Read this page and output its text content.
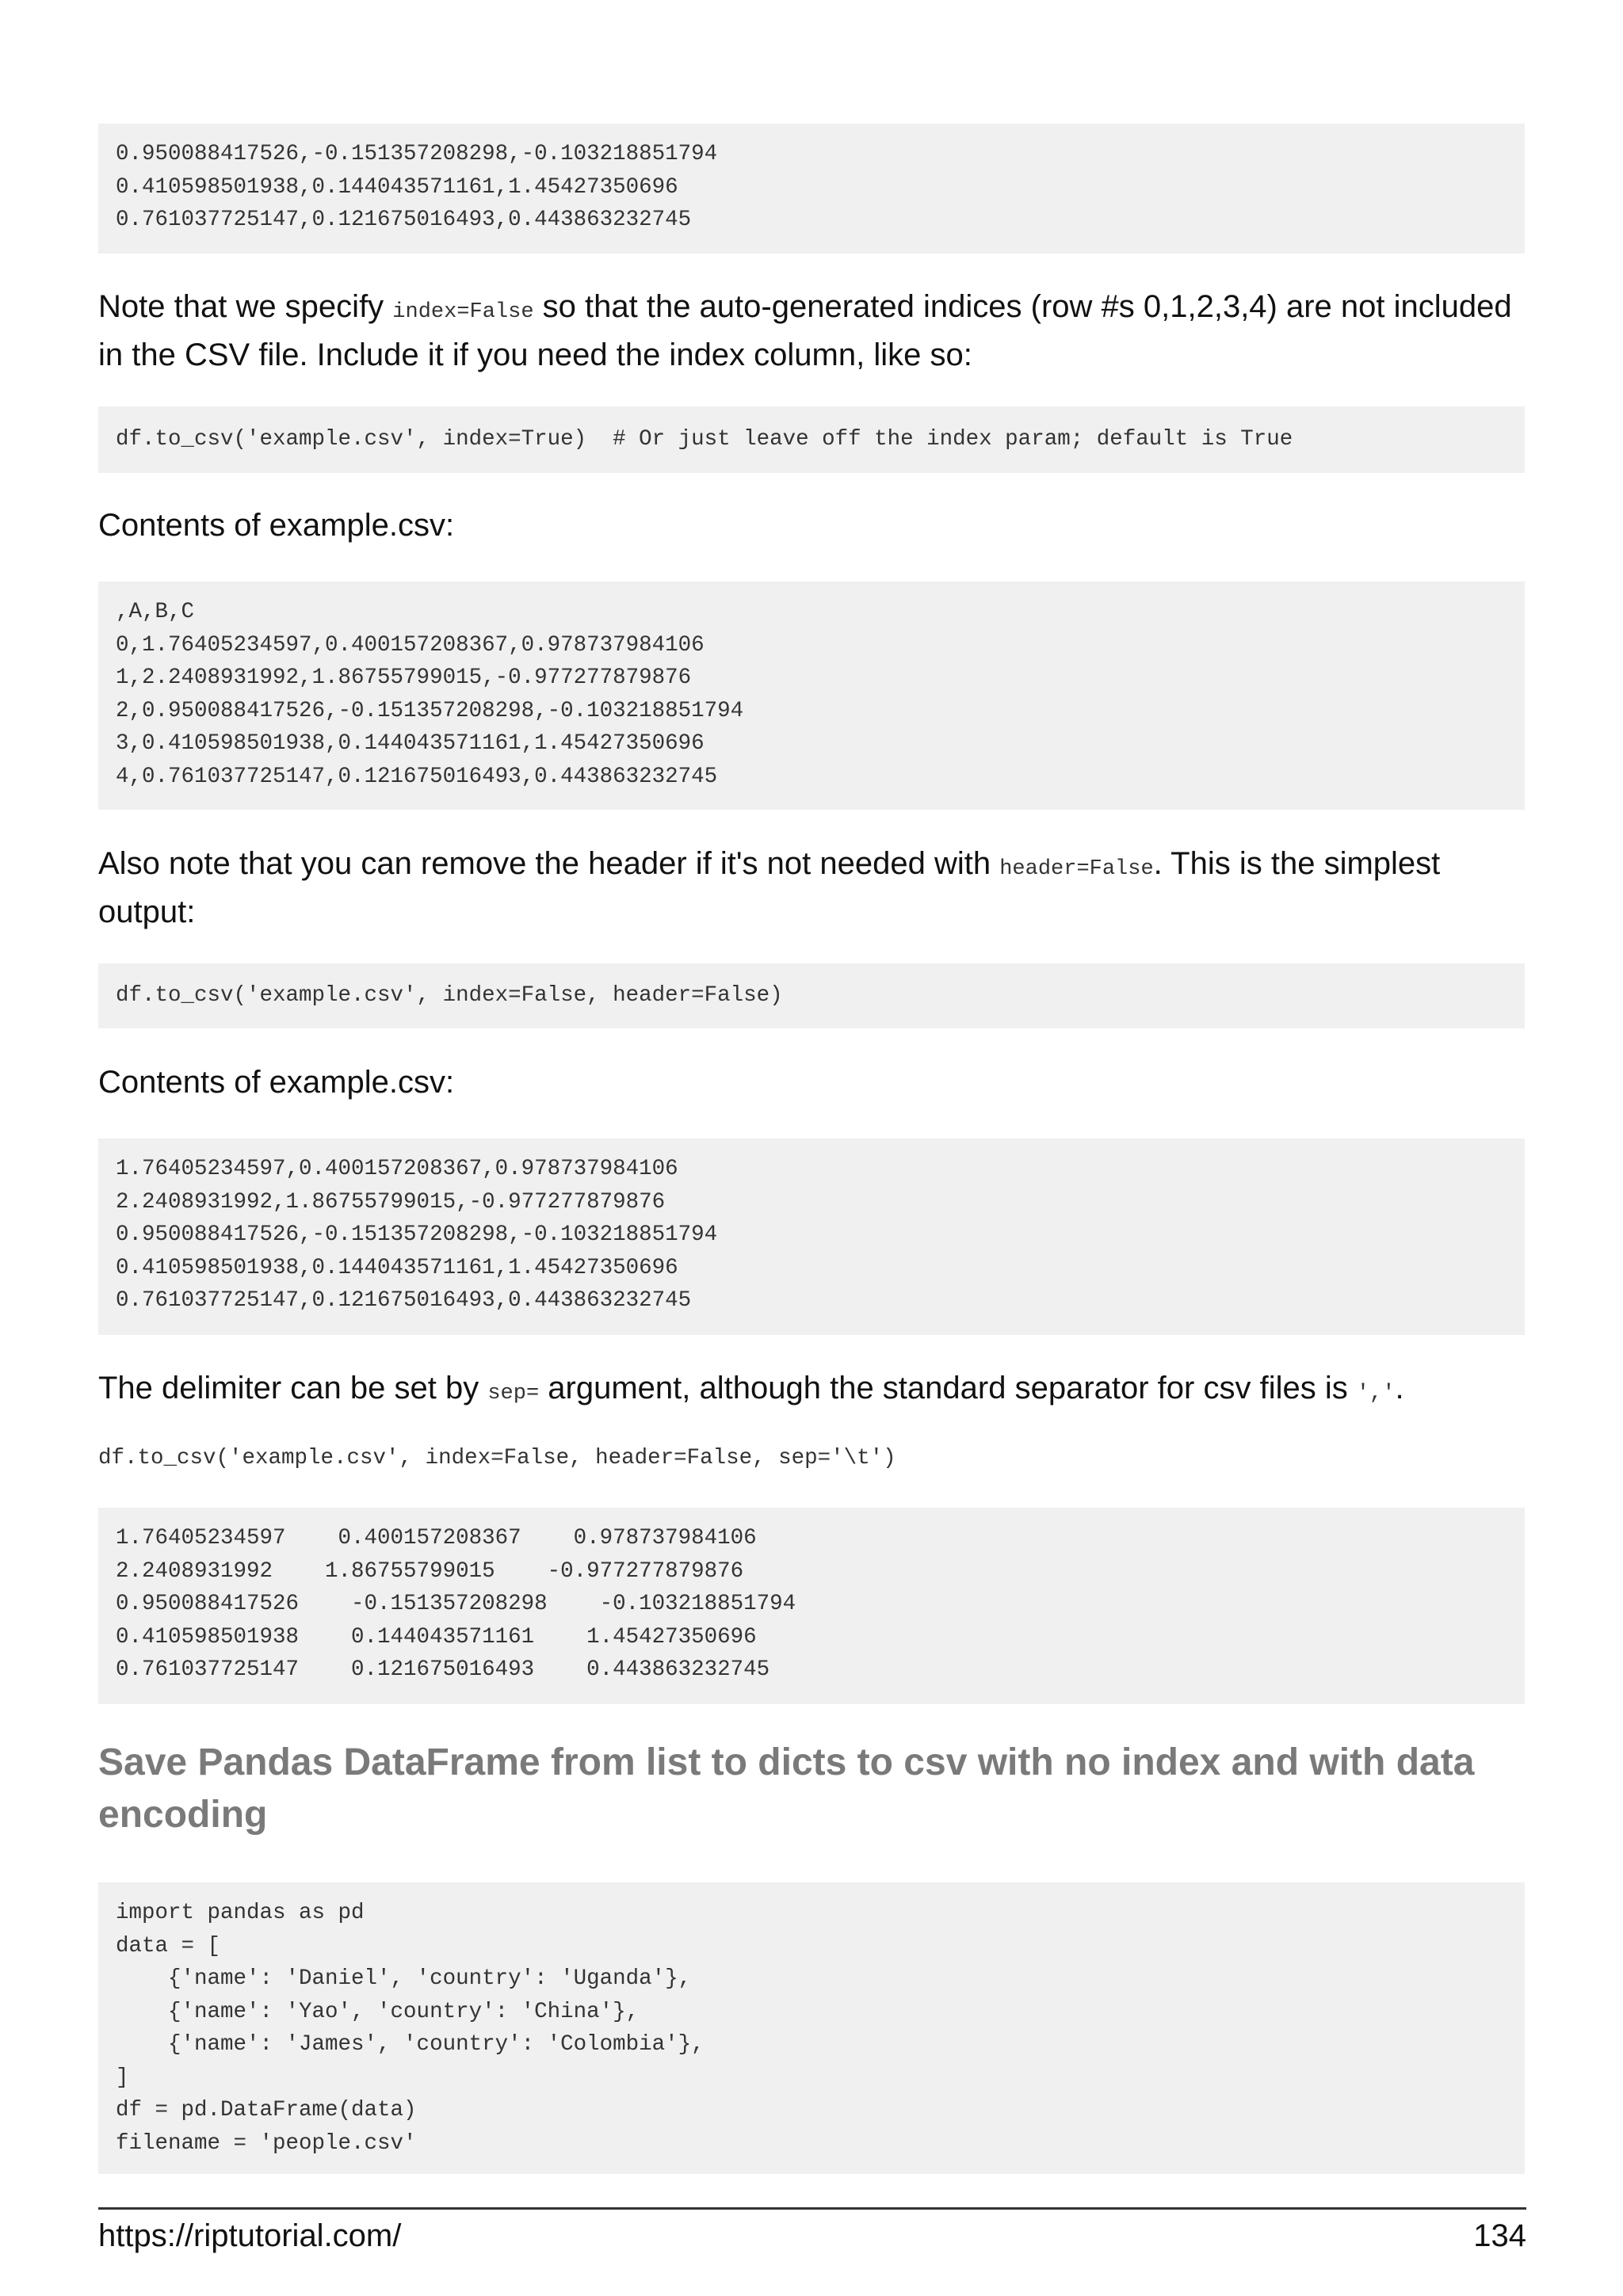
0.950088417526,-0.151357208298,-0.103218851794
0.410598501938,0.144043571161,1.45427350696
0.761037725147,0.121675016493,0.443863232745

Note that we specify index=False so that the auto-generated indices (row #s 0,1,2,3,4) are not included in the CSV file. Include it if you need the index column, like so:

df.to_csv('example.csv', index=True)  # Or just leave off the index param; default is True

Contents of example.csv:

,A,B,C
0,1.76405234597,0.400157208367,0.978737984106
1,2.2408931992,1.86755799015,-0.977277879876
2,0.950088417526,-0.151357208298,-0.103218851794
3,0.410598501938,0.144043571161,1.45427350696
4,0.761037725147,0.121675016493,0.443863232745

Also note that you can remove the header if it's not needed with header=False. This is the simplest output:

df.to_csv('example.csv', index=False, header=False)

Contents of example.csv:

1.76405234597,0.400157208367,0.978737984106
2.2408931992,1.86755799015,-0.977277879876
0.950088417526,-0.151357208298,-0.103218851794
0.410598501938,0.144043571161,1.45427350696
0.761037725147,0.121675016493,0.443863232745

The delimiter can be set by sep= argument, although the standard separator for csv files is ','.

df.to_csv('example.csv', index=False, header=False, sep='\t')
1.76405234597    0.400157208367    0.978737984106
2.2408931992    1.86755799015    -0.977277879876
0.950088417526    -0.151357208298    -0.103218851794
0.410598501938    0.144043571161    1.45427350696
0.761037725147    0.121675016493    0.443863232745
Save Pandas DataFrame from list to dicts to csv with no index and with data encoding
import pandas as pd
data = [
{'name': 'Daniel', 'country': 'Uganda'},
{'name': 'Yao', 'country': 'China'},
{'name': 'James', 'country': 'Colombia'},
]
df = pd.DataFrame(data)
filename = 'people.csv'
https://riptutorial.com/	134
